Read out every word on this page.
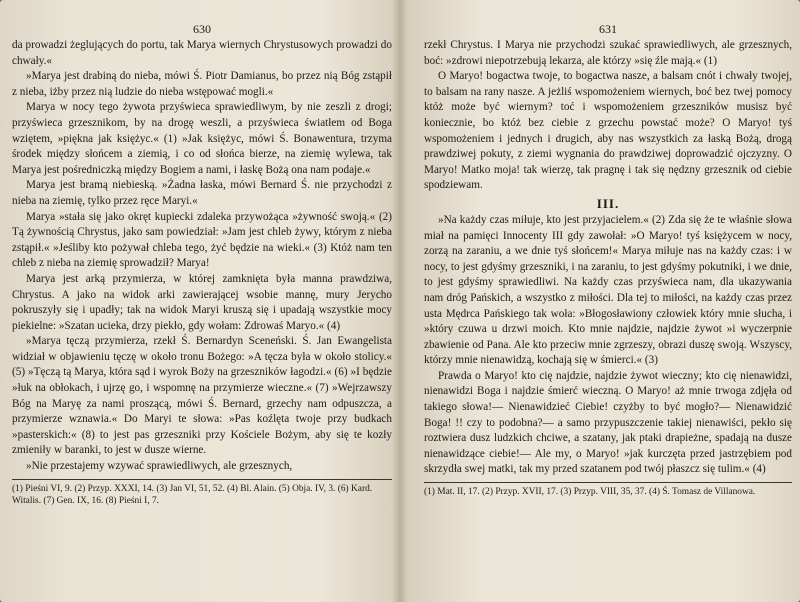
630

da prowadzi żeglujących do portu, tak Marya wiernych Chrystusowych prowadzi do chwały.«

»Marya jest drabiną do nieba, mówi Ś. Piotr Damianus, bo przez nią Bóg zstąpił z nieba, iżby przez nią ludzie do nieba wstępować mogli.«

Marya w nocy tego żywota przyświeca sprawiedliwym, by nie zeszli z drogi; przyświeca grzesznikom, by na drogę weszli, a przyświeca światłem od Boga wziętem, »piękna jak księżyc.« (1) »Jak księżyc, mówi Ś. Bonawentura, trzyma środek między słońcem a ziemią, i co od słońca bierze, na ziemię wylewa, tak Marya jest pośredniczką między Bogiem a nami, i łaskę Bożą ona nam podaje.«

Marya jest bramą niebieską. »Żadna łaska, mówi Bernard Ś. nie przychodzi z nieba na ziemię, tylko przez ręce Maryi.«

Marya »stała się jako okręt kupiecki zdaleka przywożąca »żywność swoją.« (2) Tą żywnością Chrystus, jako sam powiedział: »Jam jest chleb żywy, którym z nieba zstąpił.« »Jeśliby kto pożywał chleba tego, żyć będzie na wieki.« (3) Któż nam ten chleb z nieba na ziemię sprowadził? Marya!

Marya jest arką przymierza, w której zamknięta była manna prawdziwa, Chrystus. A jako na widok arki zawierającej wsobie mannę, mury Jerycho pokruszyły się i upadły; tak na widok Maryi kruszą się i upadają wszystkie mocy piekielne: »Szatan ucieka, drzy piekło, gdy wołam: Zdrowaś Maryo.« (4)

»Marya tęczą przymierza, rzekł Ś. Bernardyn Sceneński. Ś. Jan Ewangelista widział w objawieniu tęczę w około tronu Bożego: »A tęcza była w około stolicy.« (5) »Tęczą tą Marya, która sąd i wyrok Boży na grzeszników łagodzi.« (6) »I będzie »łuk na obłokach, i ujrzę go, i wspomnę na przymierze wieczne.« (7) »Wejrzawszy Bóg na Maryę za nami proszącą, mówi Ś. Bernard, grzechy nam odpuszcza, a przymierze wznawia.« Do Maryi te słowa: »Pas koźlęta twoje przy budkach »pasterskich:« (8) to jest pas grzeszniki przy Kościele Bożym, aby się te kozły zmieniły w baranki, to jest w dusze wierne.

»Nie przestajemy wzywać sprawiedliwych, ale grzesznych,

(1) Pieśni VI, 9. (2) Przyp. XXXI, 14. (3) Jan VI, 51, 52. (4) Bl. Alain. (5) Obja. IV, 3. (6) Kard. Witalis. (7) Gen. IX, 16. (8) Pieśni I, 7.

631

rzekł Chrystus. I Marya nie przychodzi szukać sprawiedliwych, ale grzesznych, boć: »zdrowi niepotrzebują lekarza, ale którzy »się źle mają.« (1)

O Maryo! bogactwa twoje, to bogactwa nasze, a balsam cnót i chwały twojej, to balsam na rany nasze. A jeżliś wspomożeniem wiernych, boć bez twej pomocy któż może być wiernym? toć i wspomożeniem grzeszników musisz być koniecznie, bo któż bez ciebie z grzechu powstać może? O Maryo! tyś wspomożeniem i jednych i drugich, aby nas wszystkich za łaską Bożą, drogą prawdziwej pokuty, z ziemi wygnania do prawdziwej doprowadzić ojczyzny. O Maryo! Matko moja! tak wierzę, tak pragnę i tak się nędzny grzesznik od ciebie spodziewam.

III.

»Na każdy czas miłuje, kto jest przyjacielem.« (2) Zda się że te właśnie słowa miał na pamięci Innocenty III gdy zawołał: »O Maryo! tyś księżycem w nocy, zorzą na zaraniu, a we dnie tyś słońcem!« Marya miłuje nas na każdy czas: i w nocy, to jest gdyśmy grzeszniki, i na zaraniu, to jest gdyśmy pokutniki, i we dnie, to jest gdyśmy sprawiedliwi. Na każdy czas przyświeca nam, dla ukazywania nam dróg Pańskich, a wszystko z miłości. Dla tej to miłości, na każdy czas przez usta Mędrca Pańskiego tak woła: »Błogosławiony człowiek który mnie słucha, i »który czuwa u drzwi moich. Kto mnie najdzie, najdzie żywot »i wyczerpnie zbawienie od Pana. Ale kto przeciw mnie zgrzeszy, obrazi duszę swoją. Wszyscy, którzy mnie nienawidzą, kochają się w śmierci.« (3)

Prawda o Maryo! kto cię najdzie, najdzie żywot wieczny; kto cię nienawidzi, nienawidzi Boga i najdzie śmierć wieczną. O Maryo! aż mnie trwoga zdjęła od takiego słowa!— Nienawidzieć Ciebie! czyżby to być mogło?— Nienawidzić Boga! !! czy to podobna?— a samo przypuszczenie takiej nienawiści, pekło się roztwiera dusz ludzkich chciwe, a szatany, jak ptaki drapieżne, spadają na dusze nienawidzące ciebie!— Ale my, o Maryo! »jak kurczęta przed jastrzębiem pod skrzydła swej matki, tak my przed szatanem pod twój płaszcz się tulim.« (4)

(1) Mat. II, 17. (2) Przyp. XVII, 17. (3) Przyp. VIII, 35, 37. (4) Ś. Tomasz de Villanowa.
